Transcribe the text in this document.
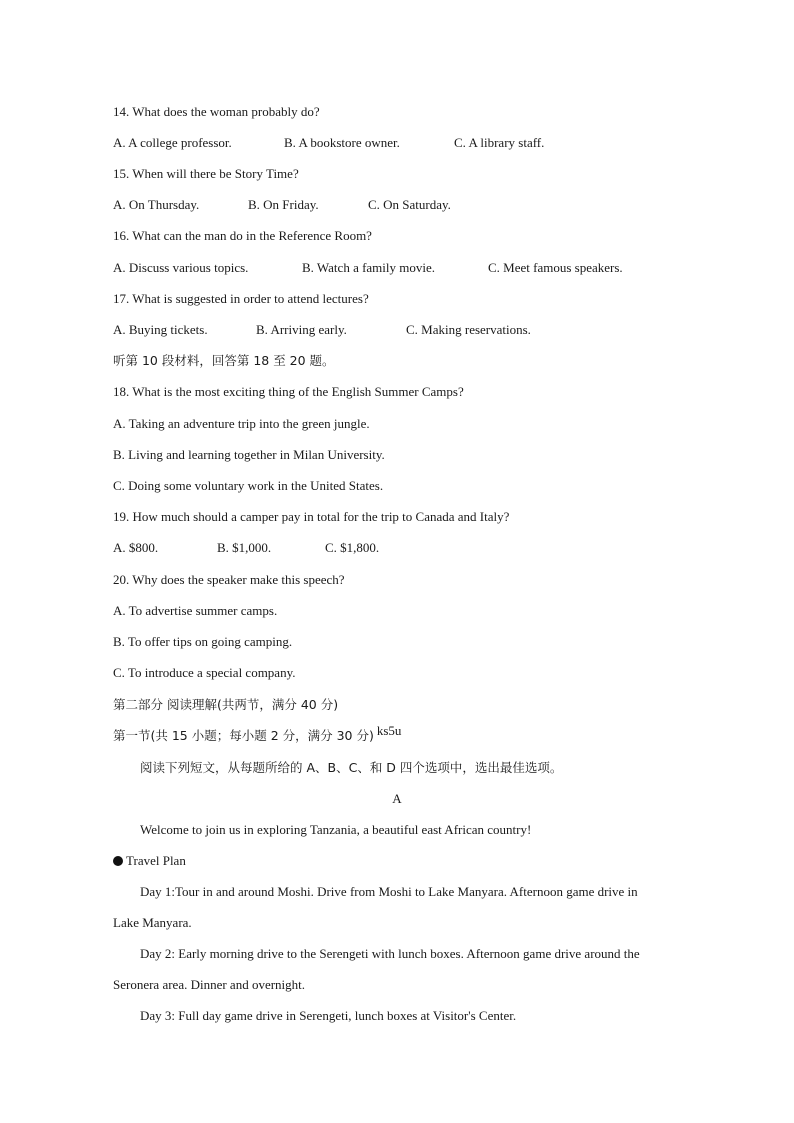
14. What does the woman probably do?
A. A college professor.	B. A bookstore owner.	C. A library staff.
15. When will there be Story Time?
A. On Thursday.	B. On Friday.	C. On Saturday.
16. What can the man do in the Reference Room?
A. Discuss various topics.	B. Watch a family movie.	C. Meet famous speakers.
17. What is suggested in order to attend lectures?
A. Buying tickets.	B. Arriving early.	C. Making reservations.
听第 10 段材料，回答第 18 至 20 题。
18. What is the most exciting thing of the English Summer Camps?
A. Taking an adventure trip into the green jungle.
B. Living and learning together in Milan University.
C. Doing some voluntary work in the United States.
19. How much should a camper pay in total for the trip to Canada and Italy?
A. $800.	B. $1,000.	C. $1,800.
20. Why does the speaker make this speech?
A. To advertise summer camps.
B. To offer tips on going camping.
C. To introduce a special company.
第二部分 阅读理解(共两节，满分 40 分)
第一节(共 15 小题；每小题 2 分，满分 30 分) ks5u
阅读下列短文，从每题所给的 A、B、C、和 D 四个选项中，选出最佳选项。
A
Welcome to join us in exploring Tanzania, a beautiful east African country!
Travel Plan
Day 1:Tour in and around Moshi. Drive from Moshi to Lake Manyara. Afternoon game drive in
Lake Manyara.
Day 2: Early morning drive to the Serengeti with lunch boxes. Afternoon game drive around the
Seronera area. Dinner and overnight.
Day 3: Full day game drive in Serengeti, lunch boxes at Visitor's Center.
